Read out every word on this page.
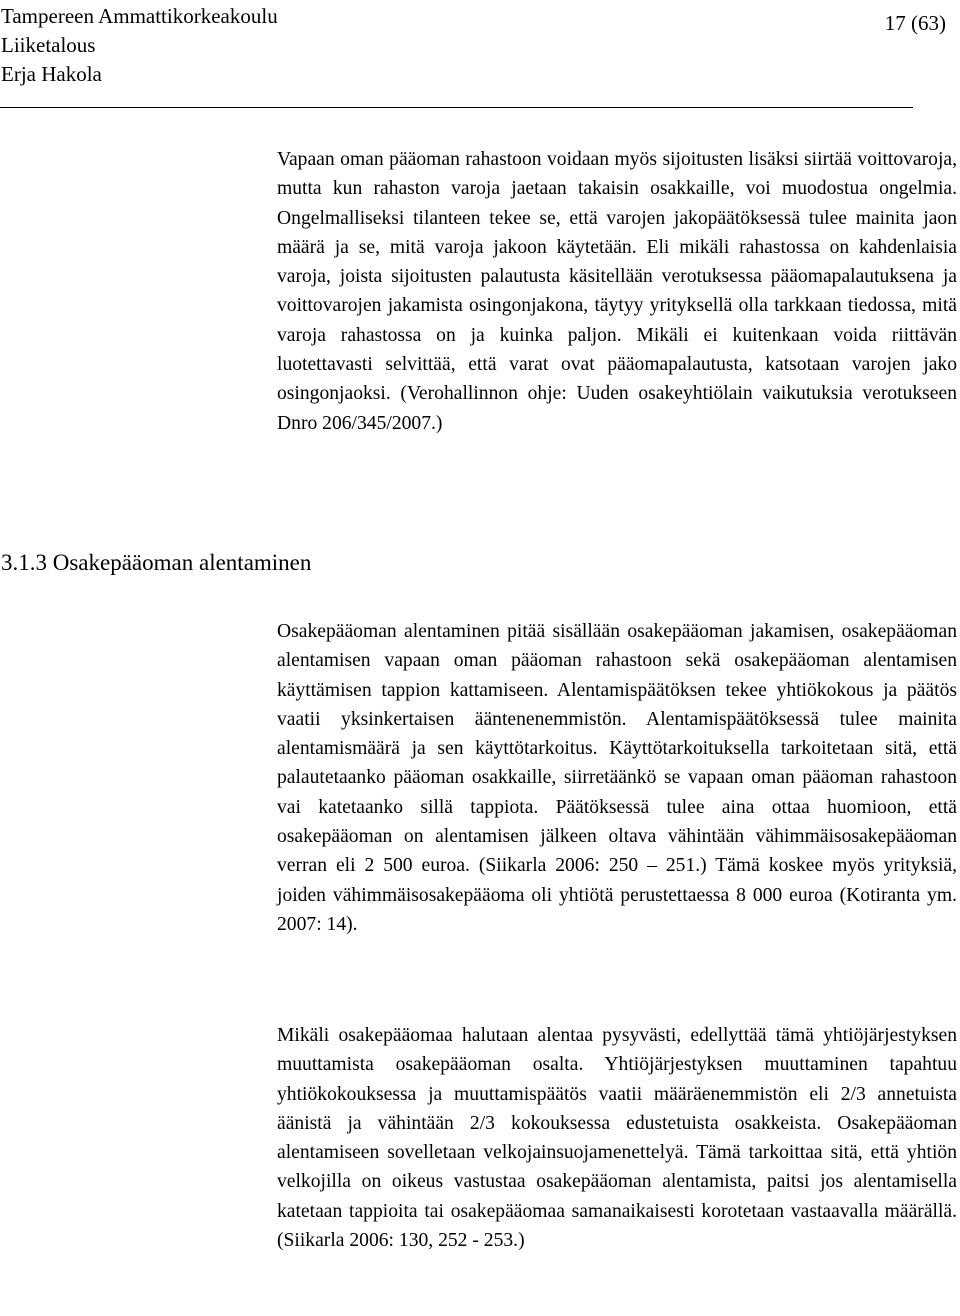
Tampereen Ammattikorkeakoulu
Liiketalous
Erja Hakola
17 (63)

Vapaan oman pääoman rahastoon voidaan myös sijoitusten lisäksi siirtää voittovaroja, mutta kun rahaston varoja jaetaan takaisin osakkaille, voi muodostua ongelmia. Ongelmalliseksi tilanteen tekee se, että varojen jakopäätöksessä tulee mainita jaon määrä ja se, mitä varoja jakoon käytetään. Eli mikäli rahastossa on kahdenlaisia varoja, joista sijoitusten palautusta käsitellään verotuksessa pääomapalautuksena ja voittovarojen jakamista osingonjakona, täytyy yrityksellä olla tarkkaan tiedossa, mitä varoja rahastossa on ja kuinka paljon. Mikäli ei kuitenkaan voida riittävän luotettavasti selvittää, että varat ovat pääomapalautusta, katsotaan varojen jako osingonjaoksi. (Verohallinnon ohje: Uuden osakeyhtiölain vaikutuksia verotukseen Dnro 206/345/2007.)

3.1.3 Osakepääoman alentaminen

Osakepääoman alentaminen pitää sisällään osakepääoman jakamisen, osakepääoman alentamisen vapaan oman pääoman rahastoon sekä osakepääoman alentamisen käyttämisen tappion kattamiseen. Alentamispäätöksen tekee yhtiökokous ja päätös vaatii yksinkertaisen ääntenenemmistön. Alentamispäätöksessä tulee mainita alentamismäärä ja sen käyttötarkoitus. Käyttötarkoituksella tarkoitetaan sitä, että palautetaanko pääoman osakkaille, siirretäänkö se vapaan oman pääoman rahastoon vai katetaanko sillä tappiota. Päätöksessä tulee aina ottaa huomioon, että osakepääoman on alentamisen jälkeen oltava vähintään vähimmäisosakepääoman verran eli 2 500 euroa. (Siikarla 2006: 250 – 251.) Tämä koskee myös yrityksiä, joiden vähimmäisosakepääoma oli yhtiötä perustettaessa 8 000 euroa (Kotiranta ym. 2007: 14).

Mikäli osakepääomaa halutaan alentaa pysyvästi, edellyttää tämä yhtiöjärjestyksen muuttamista osakepääoman osalta. Yhtiöjärjestyksen muuttaminen tapahtuu yhtiökokouksessa ja muuttamispäätös vaatii määräenemmistön eli 2/3 annetuista äänistä ja vähintään 2/3 kokouksessa edustetuista osakkeista. Osakepääoman alentamiseen sovelletaan velkojainsuojamenettelyä. Tämä tarkoittaa sitä, että yhtiön velkojilla on oikeus vastustaa osakepääoman alentamista, paitsi jos alentamisella katetaan tappioita tai osakepääomaa samanaikaisesti korotetaan vastaavalla määrällä. (Siikarla 2006: 130, 252 - 253.)
